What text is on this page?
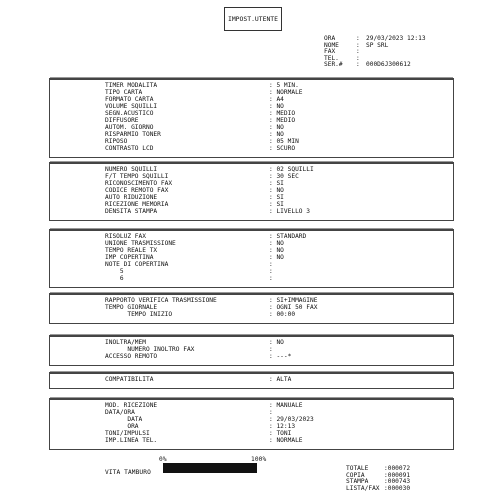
IMPOST.UTENTE
ORA	:	29/03/2023 12:13
NOME	:	SP SRL
FAX	:
TEL.	:
SER.#	:	000D6J300612
TIMER MODALITA	: 5 MIN.
TIPO CARTA	: NORMALE
FORMATO CARTA	: A4
VOLUME SQUILLI	: NO
SEGN.ACUSTICO	: MEDIO
DIFFUSORE	: MEDIO
AUTOM. GIORNO	: NO
RISPARMIO TONER	: NO
RIPOSO	: 05 MIN
CONTRASTO LCD	: SCURO
NUMERO SQUILLI	: 02 SQUILLI
F/T TEMPO SQUILLI	: 30 SEC
RICONOSCIMENTO FAX	: SI
CODICE REMOTO FAX	: NO
AUTO RIDUZIONE	: SI
RICEZIONE MEMORIA	: SI
DENSITA STAMPA	: LIVELLO 3
RISOLUZ FAX	: STANDARD
UNIONE TRASMISSIONE	: NO
TEMPO REALE TX	: NO
IMP COPERTINA	: NO
NOTE DI COPERTINA	:
5	:
6	:
RAPPORTO VERIFICA TRASMISSIONE	: SI+IMMAGINE
TEMPO GIORNALE	: OGNI 50 FAX
TEMPO INIZIO	: 00:00
INOLTRA/MEM	: NO
NUMERO INOLTRO FAX	:
ACCESSO REMOTO	: ---*
COMPATIBILITA	: ALTA
MOD. RICEZIONE	: MANUALE
DATA/ORA	:
DATA	: 29/03/2023
ORA	: 12:13
TONI/IMPULSI	: TONI
IMP.LINEA TEL.	: NORMALE
0%	100%
VITA TAMBURO
TOTALE	:000072
COPIA	:000091
STAMPA	:000743
LISTA/FAX :000030
